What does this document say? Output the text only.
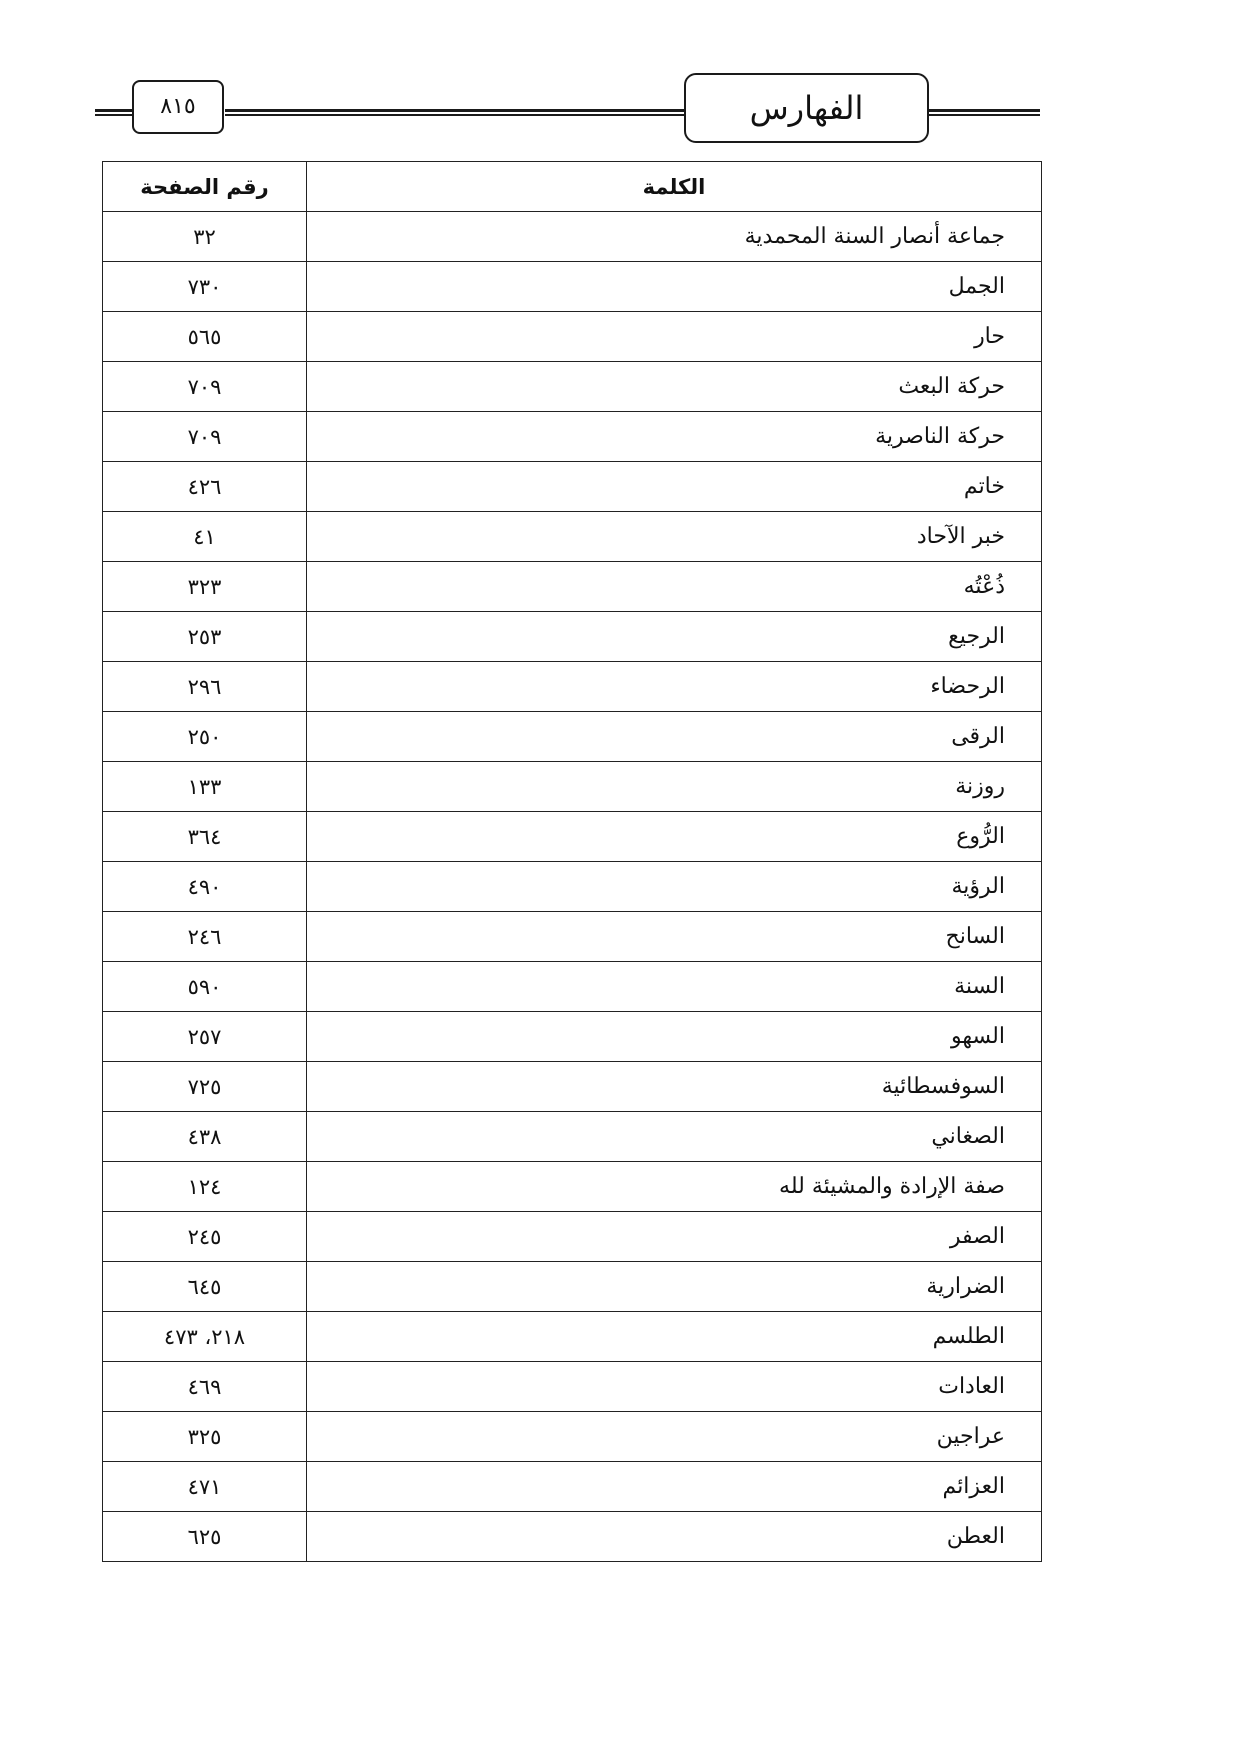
٨١٥	الفهارس
الكلمة	رقم الصفحة
جماعة أنصار السنة المحمدية	٣٢
الجمل	٧٣٠
حار	٥٦٥
حركة البعث	٧٠٩
حركة الناصرية	٧٠٩
خاتم	٤٢٦
خبر الآحاد	٤١
ذُعْتُه	٣٢٣
الرجيع	٢٥٣
الرحضاء	٢٩٦
الرقى	٢٥٠
روزنة	١٣٣
الرُّوع	٣٦٤
الرؤية	٤٩٠
السانح	٢٤٦
السنة	٥٩٠
السهو	٢٥٧
السوفسطائية	٧٢٥
الصغاني	٤٣٨
صفة الإرادة والمشيئة لله	١٢٤
الصفر	٢٤٥
الضرارية	٦٤٥
الطلسم	٢١٨، ٤٧٣
العادات	٤٦٩
عراجين	٣٢٥
العزائم	٤٧١
العطن	٦٢٥
